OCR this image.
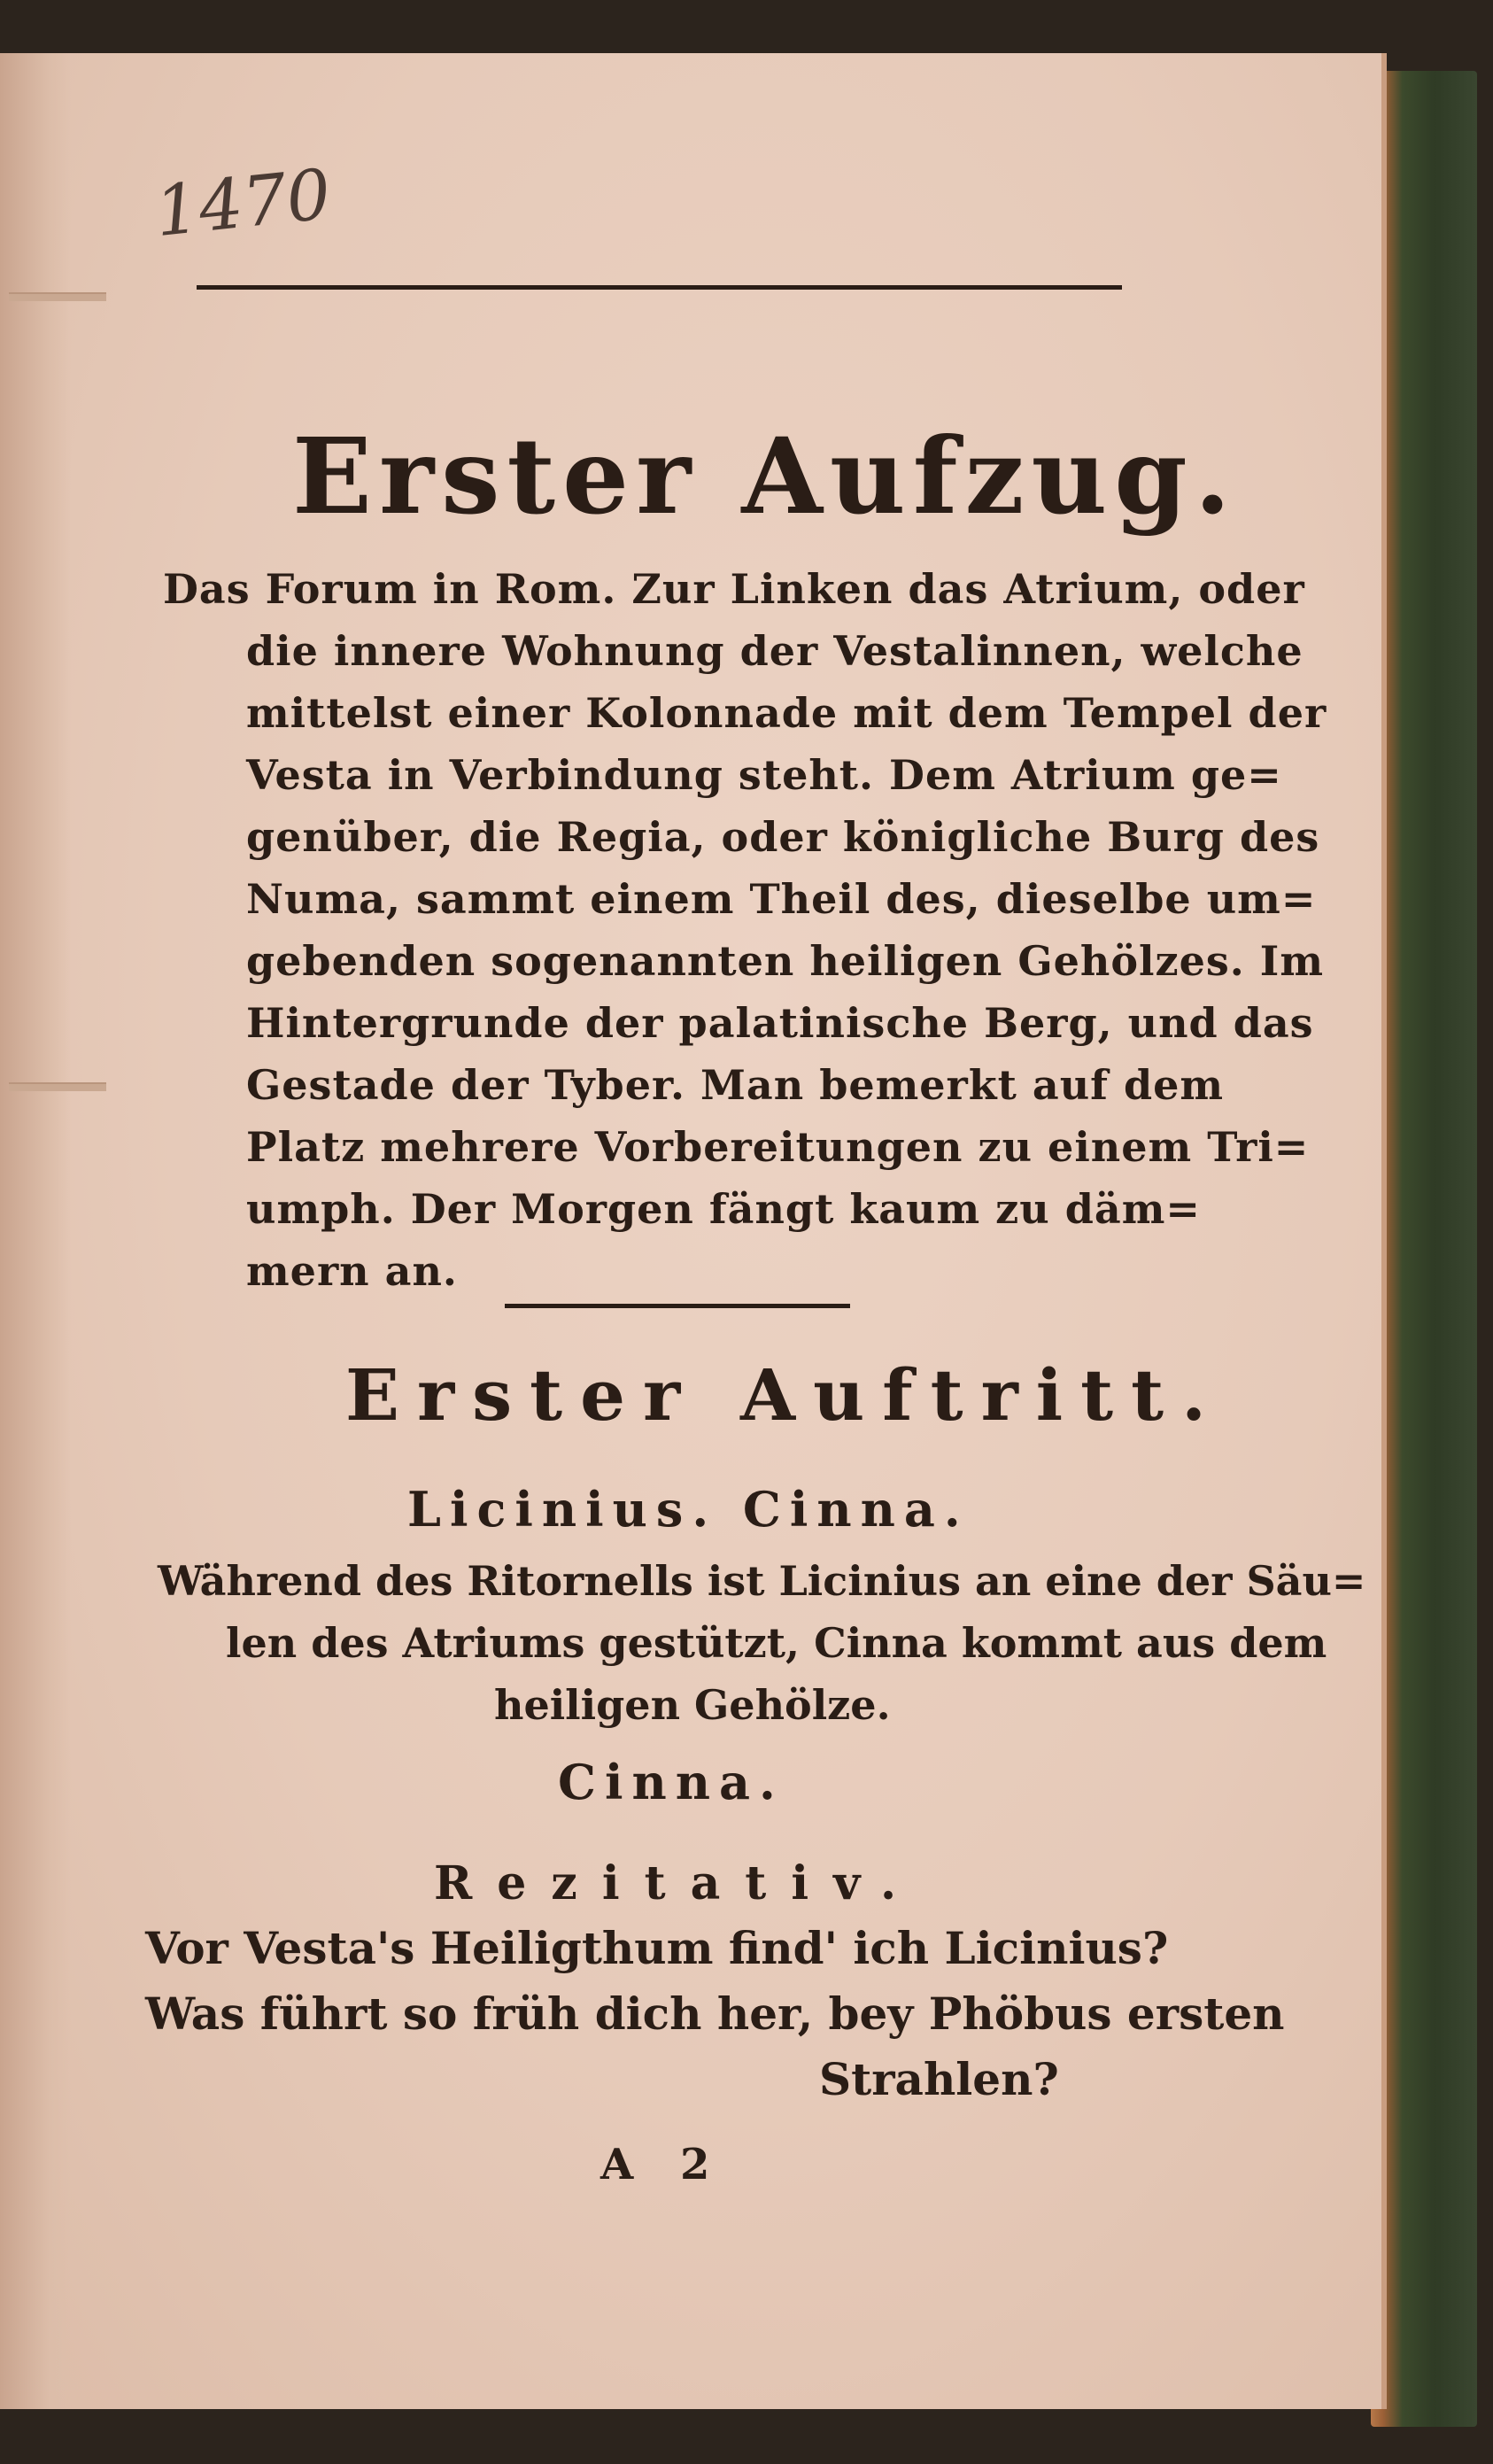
1470
Erster Aufzug.
Das Forum in Rom. Zur Linken das Atrium, oder
die innere Wohnung der Vestalinnen, welche
mittelst einer Kolonnade mit dem Tempel der
Vesta in Verbindung steht. Dem Atrium ge=
genüber, die Regia, oder königliche Burg des
Numa, sammt einem Theil des, dieselbe um=
gebenden sogenannten heiligen Gehölzes. Im
Hintergrunde der palatinische Berg, und das
Gestade der Tyber. Man bemerkt auf dem
Platz mehrere Vorbereitungen zu einem Tri=
umph. Der Morgen fängt kaum zu däm=
mern an.
Erster Auftritt.
Licinius. Cinna.
Während des Ritornells ist Licinius an eine der Säu=
len des Atriums gestützt, Cinna kommt aus dem
heiligen Gehölze.
Cinna.
Rezitativ.
Vor Vesta's Heiligthum find' ich Licinius?
Was führt so früh dich her, bey Phöbus ersten
Strahlen?
A 2
